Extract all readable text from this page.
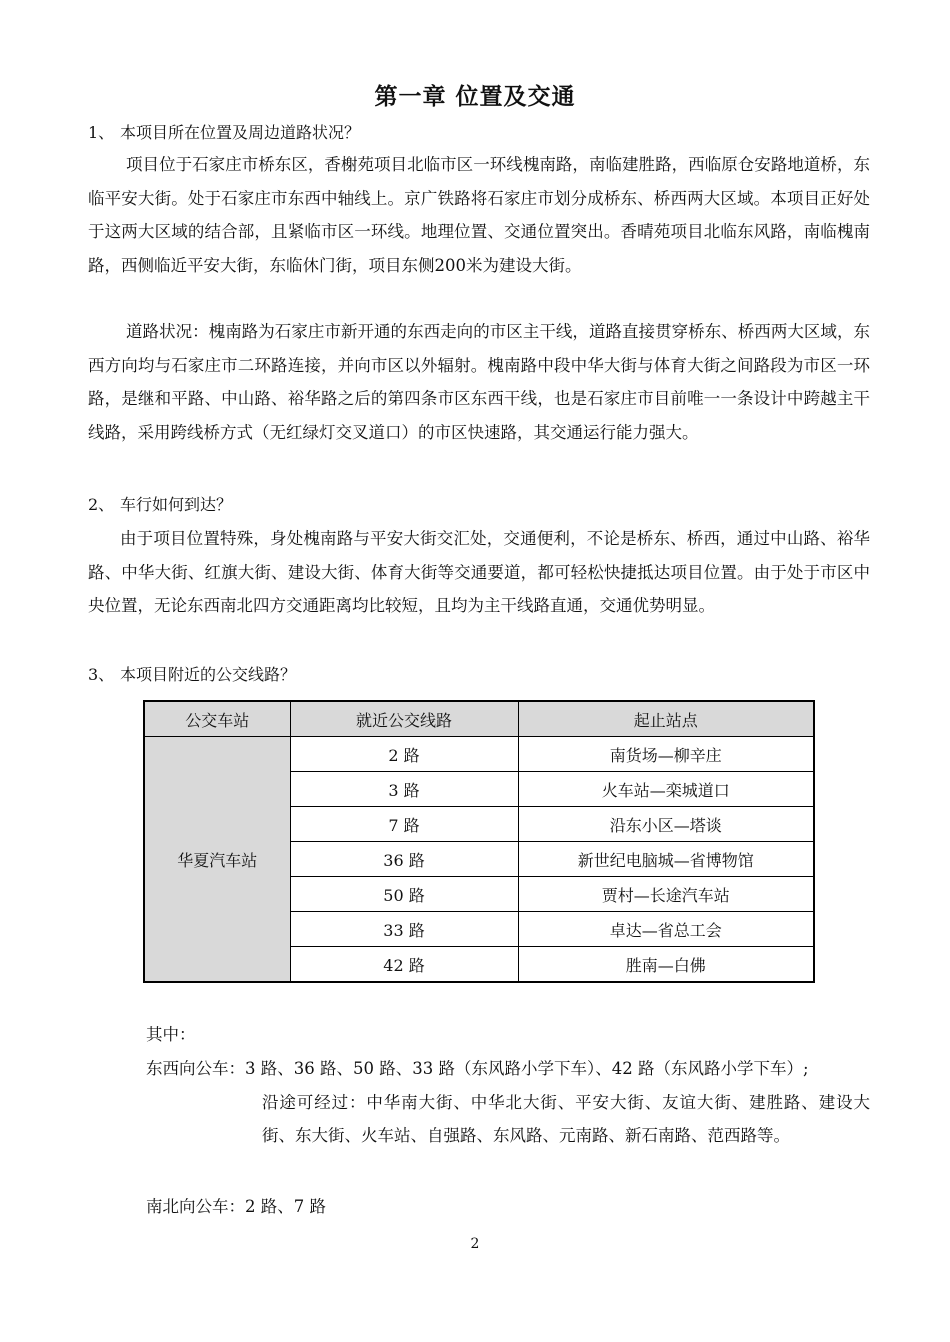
第一章 位置及交通

1、 本项目所在位置及周边道路状况？

项目位于石家庄市桥东区，香榭苑项目北临市区一环线槐南路，南临建胜路，西临原仓安路地道桥，东临平安大街。处于石家庄市东西中轴线上。京广铁路将石家庄市划分成桥东、桥西两大区域。本项目正好处于这两大区域的结合部，且紧临市区一环线。地理位置、交通位置突出。香晴苑项目北临东风路，南临槐南路，西侧临近平安大街，东临休门街，项目东侧200米为建设大街。

道路状况：槐南路为石家庄市新开通的东西走向的市区主干线，道路直接贯穿桥东、桥西两大区域，东西方向均与石家庄市二环路连接，并向市区以外辐射。槐南路中段中华大街与体育大街之间路段为市区一环路，是继和平路、中山路、裕华路之后的第四条市区东西干线，也是石家庄市目前唯一一条设计中跨越主干线路，采用跨线桥方式（无红绿灯交叉道口）的市区快速路，其交通运行能力强大。

2、 车行如何到达？

由于项目位置特殊，身处槐南路与平安大街交汇处，交通便利，不论是桥东、桥西，通过中山路、裕华路、中华大街、红旗大街、建设大街、体育大街等交通要道，都可轻松快捷抵达项目位置。由于处于市区中央位置，无论东西南北四方交通距离均比较短，且均为主干线路直通，交通优势明显。

3、 本项目附近的公交线路？

公交车站	就近公交线路	起止站点
华夏汽车站	2 路	南货场—柳辛庄
	3 路	火车站—栾城道口
	7 路	沿东小区—塔谈
	36 路	新世纪电脑城—省博物馆
	50 路	贾村—长途汽车站
	33 路	卓达—省总工会
	42 路	胜南—白佛

其中：

东西向公车：3 路、36 路、50 路、33 路（东风路小学下车）、42 路（东风路小学下车）;

沿途可经过：中华南大街、中华北大街、平安大街、友谊大街、建胜路、建设大街、东大街、火车站、自强路、东风路、元南路、新石南路、范西路等。

南北向公车：2 路、7 路

2
